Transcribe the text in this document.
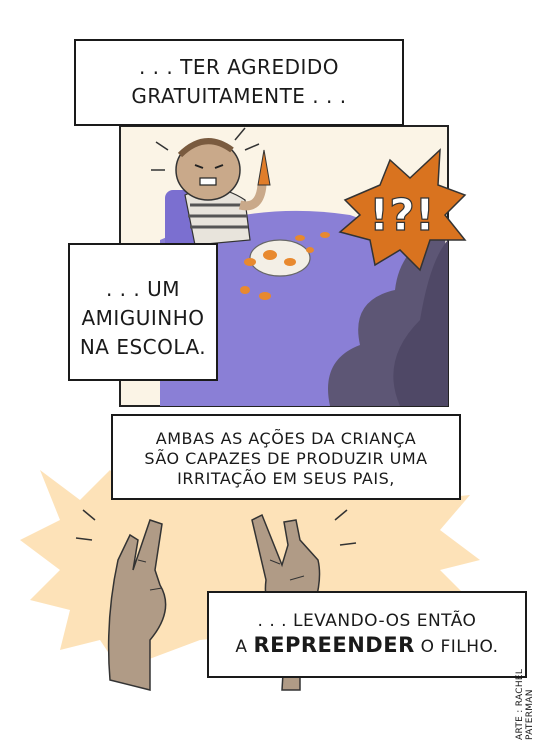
!?!
. . . TER AGREDIDO
GRATUITAMENTE . . .
. . . UM
AMIGUINHO
NA ESCOLA.
AMBAS AS AÇÕES DA CRIANÇA
SÃO CAPAZES DE PRODUZIR UMA
IRRITAÇÃO EM SEUS PAIS,
. . . LEVANDO-OS ENTÃO
A REPREENDER O FILHO.
ARTE : RACHEL PATERMAN
